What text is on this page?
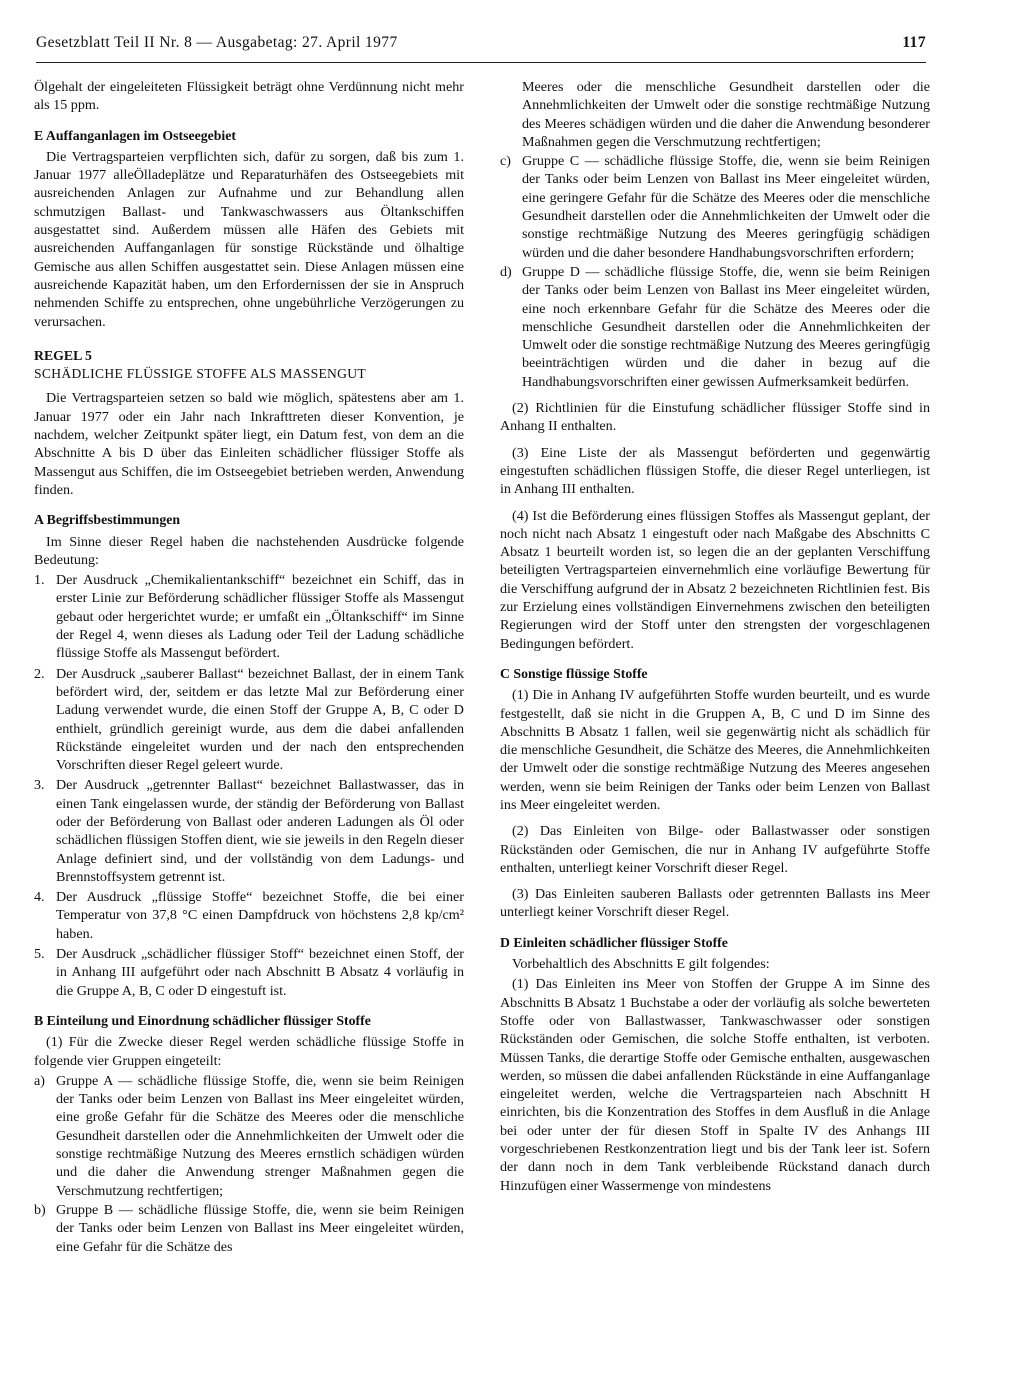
Gesetzblatt Teil II Nr. 8 — Ausgabetag: 27. April 1977	117

Ölgehalt der eingeleiteten Flüssigkeit beträgt ohne Verdünnung nicht mehr als 15 ppm.

E Auffanganlagen im Ostseegebiet

Die Vertragsparteien verpflichten sich, dafür zu sorgen, daß bis zum 1. Januar 1977 alleÖlladeplätze und Reparaturhäfen des Ostseegebiets mit ausreichenden Anlagen zur Aufnahme und zur Behandlung allen schmutzigen Ballast- und Tankwaschwassers aus Öltankschiffen ausgestattet sind. Außerdem müssen alle Häfen des Gebiets mit ausreichenden Auffanganlagen für sonstige Rückstände und ölhaltige Gemische aus allen Schiffen ausgestattet sein. Diese Anlagen müssen eine ausreichende Kapazität haben, um den Erfordernissen der sie in Anspruch nehmenden Schiffe zu entsprechen, ohne ungebührliche Verzögerungen zu verursachen.

REGEL 5
SCHÄDLICHE FLÜSSIGE STOFFE ALS MASSENGUT

Die Vertragsparteien setzen so bald wie möglich, spätestens aber am 1. Januar 1977 oder ein Jahr nach Inkrafttreten dieser Konvention, je nachdem, welcher Zeitpunkt später liegt, ein Datum fest, von dem an die Abschnitte A bis D über das Einleiten schädlicher flüssiger Stoffe als Massengut aus Schiffen, die im Ostseegebiet betrieben werden, Anwendung finden.

A Begriffsbestimmungen

Im Sinne dieser Regel haben die nachstehenden Ausdrücke folgende Bedeutung:

1. Der Ausdruck „Chemikalientankschiff“ bezeichnet ein Schiff, das in erster Linie zur Beförderung schädlicher flüssiger Stoffe als Massengut gebaut oder hergerichtet wurde; er umfaßt ein „Öltankschiff“ im Sinne der Regel 4, wenn dieses als Ladung oder Teil der Ladung schädliche flüssige Stoffe als Massengut befördert.
2. Der Ausdruck „sauberer Ballast“ bezeichnet Ballast, der in einem Tank befördert wird, der, seitdem er das letzte Mal zur Beförderung einer Ladung verwendet wurde, die einen Stoff der Gruppe A, B, C oder D enthielt, gründlich gereinigt wurde, aus dem die dabei anfallenden Rückstände eingeleitet wurden und der nach den entsprechenden Vorschriften dieser Regel geleert wurde.
3. Der Ausdruck „getrennter Ballast“ bezeichnet Ballastwasser, das in einen Tank eingelassen wurde, der ständig der Beförderung von Ballast oder der Beförderung von Ballast oder anderen Ladungen als Öl oder schädlichen flüssigen Stoffen dient, wie sie jeweils in den Regeln dieser Anlage definiert sind, und der vollständig von dem Ladungs- und Brennstoffsystem getrennt ist.
4. Der Ausdruck „flüssige Stoffe“ bezeichnet Stoffe, die bei einer Temperatur von 37,8 °C einen Dampfdruck von höchstens 2,8 kp/cm² haben.
5. Der Ausdruck „schädlicher flüssiger Stoff“ bezeichnet einen Stoff, der in Anhang III aufgeführt oder nach Abschnitt B Absatz 4 vorläufig in die Gruppe A, B, C oder D eingestuft ist.
B Einteilung und Einordnung schädlicher flüssiger Stoffe

(1) Für die Zwecke dieser Regel werden schädliche flüssige Stoffe in folgende vier Gruppen eingeteilt:

a) Gruppe A — schädliche flüssige Stoffe, die, wenn sie beim Reinigen der Tanks oder beim Lenzen von Ballast ins Meer eingeleitet würden, eine große Gefahr für die Schätze des Meeres oder die menschliche Gesundheit darstellen oder die Annehmlichkeiten der Umwelt oder die sonstige rechtmäßige Nutzung des Meeres ernstlich schädigen würden und die daher die Anwendung strenger Maßnahmen gegen die Verschmutzung rechtfertigen;
b) Gruppe B — schädliche flüssige Stoffe, die, wenn sie beim Reinigen der Tanks oder beim Lenzen von Ballast ins Meer eingeleitet würden, eine Gefahr für die Schätze des
Meeres oder die menschliche Gesundheit darstellen oder die Annehmlichkeiten der Umwelt oder die sonstige rechtmäßige Nutzung des Meeres schädigen würden und die daher die Anwendung besonderer Maßnahmen gegen die Verschmutzung rechtfertigen;
c) Gruppe C — schädliche flüssige Stoffe, die, wenn sie beim Reinigen der Tanks oder beim Lenzen von Ballast ins Meer eingeleitet würden, eine geringere Gefahr für die Schätze des Meeres oder die menschliche Gesundheit darstellen oder die Annehmlichkeiten der Umwelt oder die sonstige rechtmäßige Nutzung des Meeres geringfügig schädigen würden und die daher besondere Handhabungsvorschriften erfordern;
d) Gruppe D — schädliche flüssige Stoffe, die, wenn sie beim Reinigen der Tanks oder beim Lenzen von Ballast ins Meer eingeleitet würden, eine noch erkennbare Gefahr für die Schätze des Meeres oder die menschliche Gesundheit darstellen oder die Annehmlichkeiten der Umwelt oder die sonstige rechtmäßige Nutzung des Meeres geringfügig beeinträchtigen würden und die daher in bezug auf die Handhabungsvorschriften einer gewissen Aufmerksamkeit bedürfen.

(2) Richtlinien für die Einstufung schädlicher flüssiger Stoffe sind in Anhang II enthalten.

(3) Eine Liste der als Massengut beförderten und gegenwärtig eingestuften schädlichen flüssigen Stoffe, die dieser Regel unterliegen, ist in Anhang III enthalten.

(4) Ist die Beförderung eines flüssigen Stoffes als Massengut geplant, der noch nicht nach Absatz 1 eingestuft oder nach Maßgabe des Abschnitts C Absatz 1 beurteilt worden ist, so legen die an der geplanten Verschiffung beteiligten Vertragsparteien einvernehmlich eine vorläufige Bewertung für die Verschiffung aufgrund der in Absatz 2 bezeichneten Richtlinien fest. Bis zur Erzielung eines vollständigen Einvernehmens zwischen den beteiligten Regierungen wird der Stoff unter den strengsten der vorgeschlagenen Bedingungen befördert.

C Sonstige flüssige Stoffe

(1) Die in Anhang IV aufgeführten Stoffe wurden beurteilt, und es wurde festgestellt, daß sie nicht in die Gruppen A, B, C und D im Sinne des Abschnitts B Absatz 1 fallen, weil sie gegenwärtig nicht als schädlich für die menschliche Gesundheit, die Schätze des Meeres, die Annehmlichkeiten der Umwelt oder die sonstige rechtmäßige Nutzung des Meeres angesehen werden, wenn sie beim Reinigen der Tanks oder beim Lenzen von Ballast ins Meer eingeleitet werden.

(2) Das Einleiten von Bilge- oder Ballastwasser oder sonstigen Rückständen oder Gemischen, die nur in Anhang IV aufgeführte Stoffe enthalten, unterliegt keiner Vorschrift dieser Regel.

(3) Das Einleiten sauberen Ballasts oder getrennten Ballasts ins Meer unterliegt keiner Vorschrift dieser Regel.

D Einleiten schädlicher flüssiger Stoffe

Vorbehaltlich des Abschnitts E gilt folgendes:

(1) Das Einleiten ins Meer von Stoffen der Gruppe A im Sinne des Abschnitts B Absatz 1 Buchstabe a oder der vorläufig als solche bewerteten Stoffe oder von Ballastwasser, Tankwaschwasser oder sonstigen Rückständen oder Gemischen, die solche Stoffe enthalten, ist verboten. Müssen Tanks, die derartige Stoffe oder Gemische enthalten, ausgewaschen werden, so müssen die dabei anfallenden Rückstände in eine Auffanganlage eingeleitet werden, welche die Vertragsparteien nach Abschnitt H einrichten, bis die Konzentration des Stoffes in dem Ausfluß in die Anlage bei oder unter der für diesen Stoff in Spalte IV des Anhangs III vorgeschriebenen Restkonzentration liegt und bis der Tank leer ist. Sofern der dann noch in dem Tank verbleibende Rückstand danach durch Hinzufügen einer Wassermenge von mindestens
